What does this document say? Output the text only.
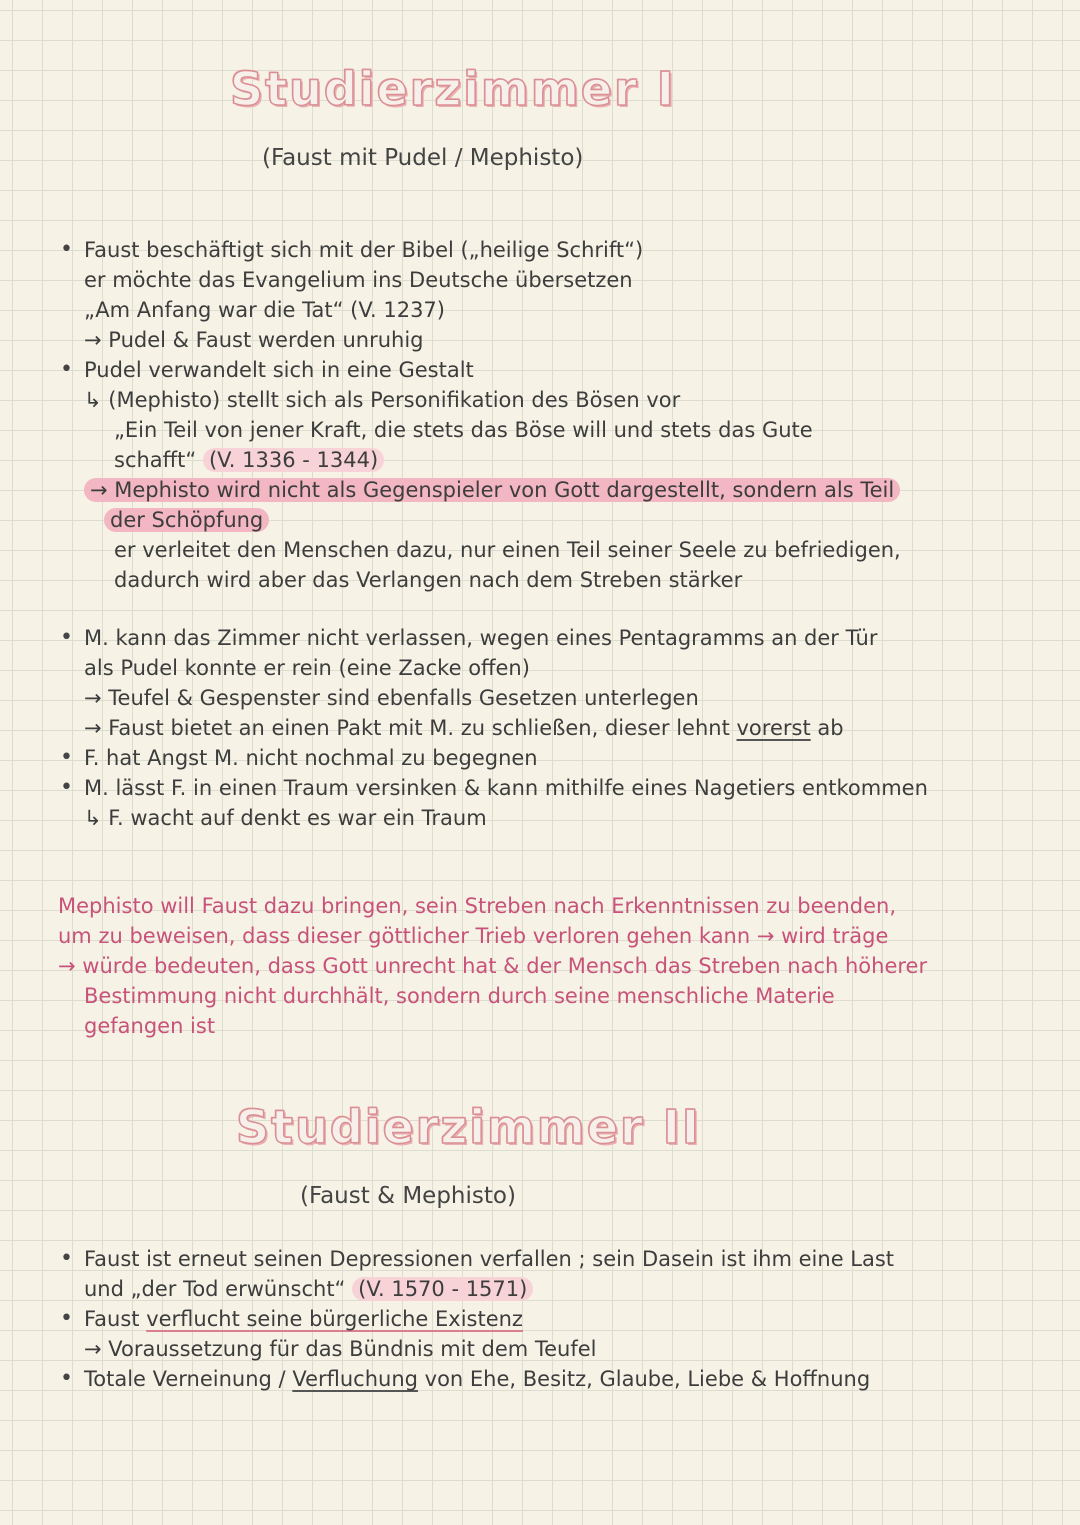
Studierzimmer I

(Faust mit Pudel / Mephisto)

• Faust beschäftigt sich mit der Bibel („heilige Schrift“)

er möchte das Evangelium ins Deutsche übersetzen

„Am Anfang war die Tat“ (V. 1237)

→ Pudel & Faust werden unruhig

• Pudel verwandelt sich in eine Gestalt

↳ (Mephisto) stellt sich als Personifikation des Bösen vor

„Ein Teil von jener Kraft, die stets das Böse will und stets das Gute

schafft“ (V. 1336 - 1344)

→ Mephisto wird nicht als Gegenspieler von Gott dargestellt, sondern als Teil

der Schöpfung

er verleitet den Menschen dazu, nur einen Teil seiner Seele zu befriedigen,

dadurch wird aber das Verlangen nach dem Streben stärker

• M. kann das Zimmer nicht verlassen, wegen eines Pentagramms an der Tür

als Pudel konnte er rein (eine Zacke offen)

→ Teufel & Gespenster sind ebenfalls Gesetzen unterlegen

→ Faust bietet an einen Pakt mit M. zu schließen, dieser lehnt vorerst ab

• F. hat Angst M. nicht nochmal zu begegnen

• M. lässt F. in einen Traum versinken & kann mithilfe eines Nagetiers entkommen

↳ F. wacht auf denkt es war ein Traum

Mephisto will Faust dazu bringen, sein Streben nach Erkenntnissen zu beenden,

um zu beweisen, dass dieser göttlicher Trieb verloren gehen kann → wird träge

→ würde bedeuten, dass Gott unrecht hat & der Mensch das Streben nach höherer

Bestimmung nicht durchhält, sondern durch seine menschliche Materie

gefangen ist

Studierzimmer II

(Faust & Mephisto)

• Faust ist erneut seinen Depressionen verfallen ; sein Dasein ist ihm eine Last

und „der Tod erwünscht“ (V. 1570 - 1571)

• Faust verflucht seine bürgerliche Existenz

→ Voraussetzung für das Bündnis mit dem Teufel

• Totale Verneinung / Verfluchung von Ehe, Besitz, Glaube, Liebe & Hoffnung
